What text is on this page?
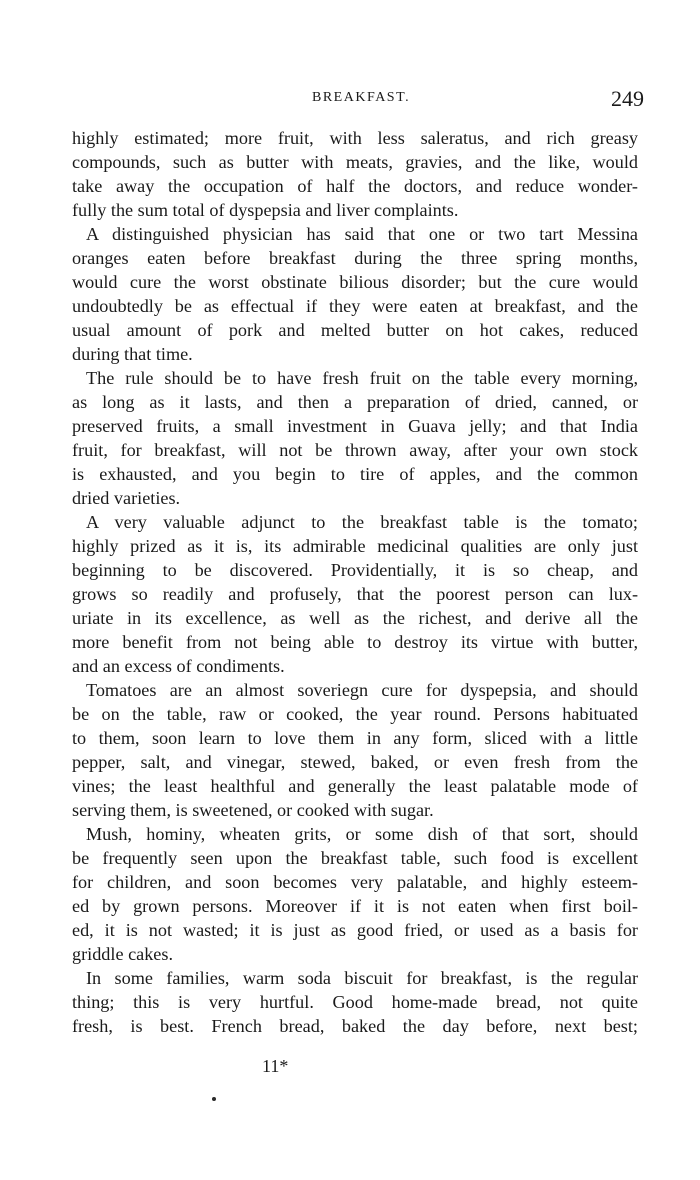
BREAKFAST.	249
highly estimated; more fruit, with less saleratus, and rich greasy
compounds, such as butter with meats, gravies, and the like, would
take away the occupation of half the doctors, and reduce wonder-
fully the sum total of dyspepsia and liver complaints.
A distinguished physician has said that one or two tart Messina
oranges eaten before breakfast during the three spring months,
would cure the worst obstinate bilious disorder; but the cure would
undoubtedly be as effectual if they were eaten at breakfast, and the
usual amount of pork and melted butter on hot cakes, reduced
during that time.
The rule should be to have fresh fruit on the table every morning,
as long as it lasts, and then a preparation of dried, canned, or
preserved fruits, a small investment in Guava jelly; and that India
fruit, for breakfast, will not be thrown away, after your own stock
is exhausted, and you begin to tire of apples, and the common
dried varieties.
A very valuable adjunct to the breakfast table is the tomato;
highly prized as it is, its admirable medicinal qualities are only just
beginning to be discovered. Providentially, it is so cheap, and
grows so readily and profusely, that the poorest person can lux-
uriate in its excellence, as well as the richest, and derive all the
more benefit from not being able to destroy its virtue with butter,
and an excess of condiments.
Tomatoes are an almost soveriegn cure for dyspepsia, and should
be on the table, raw or cooked, the year round. Persons habituated
to them, soon learn to love them in any form, sliced with a little
pepper, salt, and vinegar, stewed, baked, or even fresh from the
vines; the least healthful and generally the least palatable mode of
serving them, is sweetened, or cooked with sugar.
Mush, hominy, wheaten grits, or some dish of that sort, should
be frequently seen upon the breakfast table, such food is excellent
for children, and soon becomes very palatable, and highly esteem-
ed by grown persons. Moreover if it is not eaten when first boil-
ed, it is not wasted; it is just as good fried, or used as a basis for
griddle cakes.
In some families, warm soda biscuit for breakfast, is the regular
thing; this is very hurtful. Good home-made bread, not quite
fresh, is best. French bread, baked the day before, next best;
11*
